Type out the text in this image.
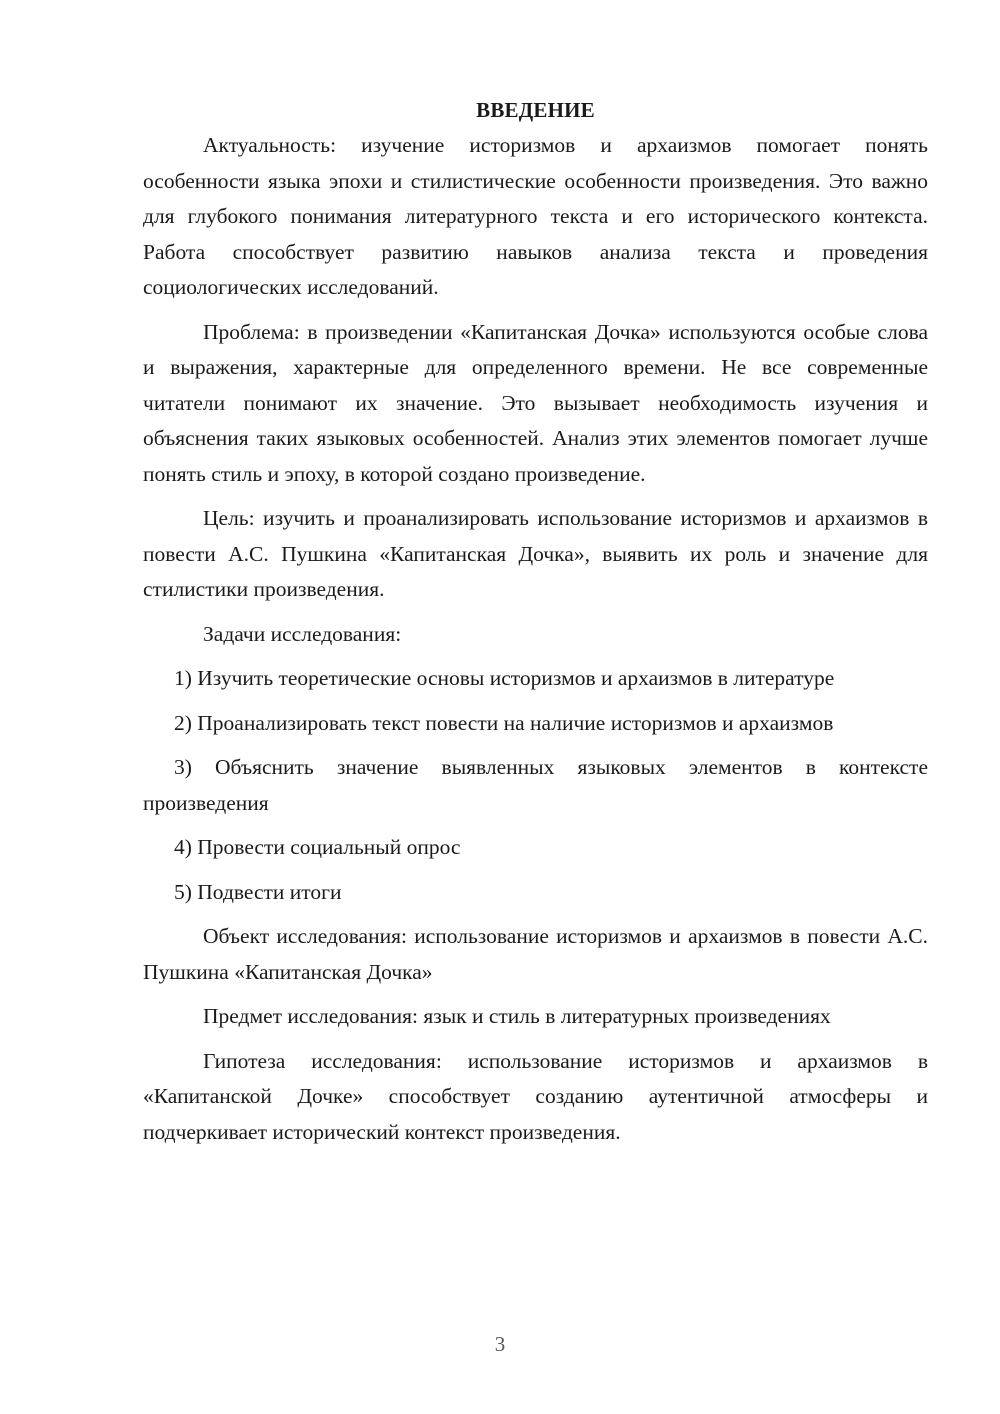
ВВЕДЕНИЕ

Актуальность: изучение историзмов и архаизмов помогает понять особенности языка эпохи и стилистические особенности произведения. Это важно для глубокого понимания литературного текста и его исторического контекста. Работа способствует развитию навыков анализа текста и проведения социологических исследований.

Проблема: в произведении «Капитанская Дочка» используются особые слова и выражения, характерные для определенного времени. Не все современные читатели понимают их значение. Это вызывает необходимость изучения и объяснения таких языковых особенностей. Анализ этих элементов помогает лучше понять стиль и эпоху, в которой создано произведение.

Цель: изучить и проанализировать использование историзмов и архаизмов в повести А.С. Пушкина «Капитанская Дочка», выявить их роль и значение для стилистики произведения.

Задачи исследования:

1) Изучить теоретические основы историзмов и архаизмов в литературе

2) Проанализировать текст повести на наличие историзмов и архаизмов

3) Объяснить значение выявленных языковых элементов в контексте произведения

4) Провести социальный опрос

5) Подвести итоги

Объект исследования: использование историзмов и архаизмов в повести А.С. Пушкина «Капитанская Дочка»

Предмет исследования: язык и стиль в литературных произведениях

Гипотеза исследования: использование историзмов и архаизмов в «Капитанской Дочке» способствует созданию аутентичной атмосферы и подчеркивает исторический контекст произведения.

3
